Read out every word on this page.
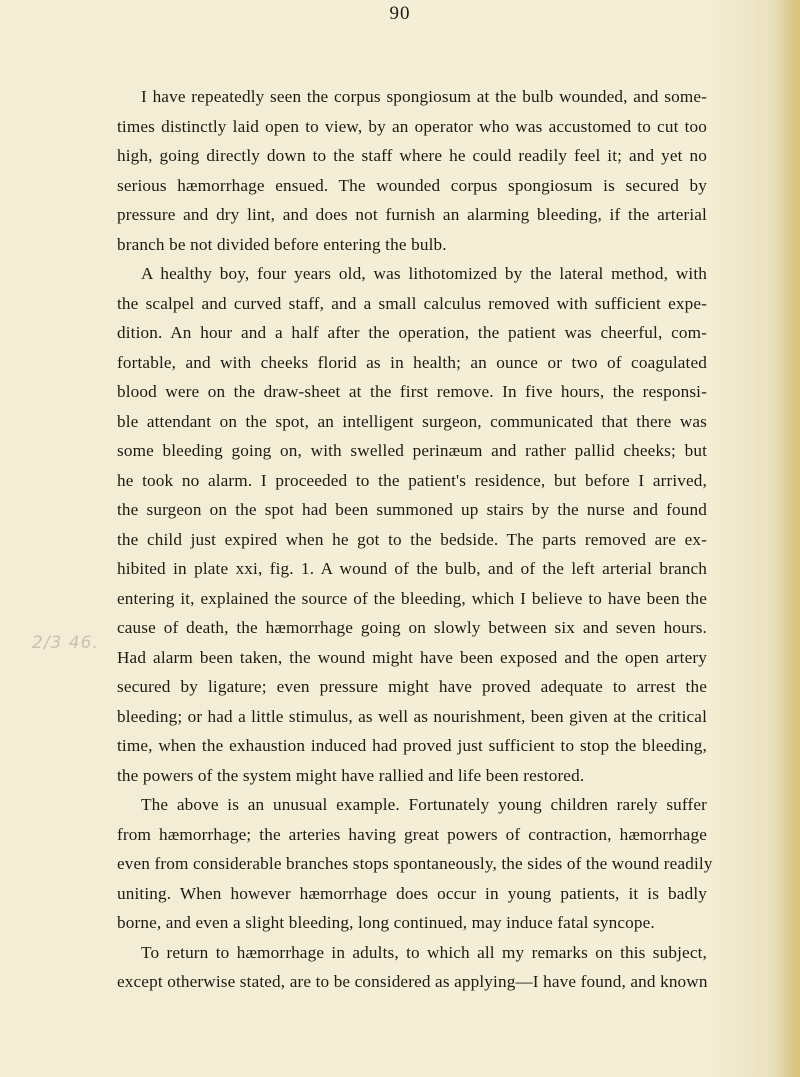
90
2/3 46.
I have repeatedly seen the corpus spongiosum at the bulb wounded, and some-
times distinctly laid open to view, by an operator who was accustomed to cut too
high, going directly down to the staff where he could readily feel it; and yet no
serious hæmorrhage ensued. The wounded corpus spongiosum is secured by
pressure and dry lint, and does not furnish an alarming bleeding, if the arterial
branch be not divided before entering the bulb.
A healthy boy, four years old, was lithotomized by the lateral method, with
the scalpel and curved staff, and a small calculus removed with sufficient expe-
dition. An hour and a half after the operation, the patient was cheerful, com-
fortable, and with cheeks florid as in health; an ounce or two of coagulated
blood were on the draw-sheet at the first remove. In five hours, the responsi-
ble attendant on the spot, an intelligent surgeon, communicated that there was
some bleeding going on, with swelled perinæum and rather pallid cheeks; but
he took no alarm. I proceeded to the patient's residence, but before I arrived,
the surgeon on the spot had been summoned up stairs by the nurse and found
the child just expired when he got to the bedside. The parts removed are ex-
hibited in plate xxi, fig. 1. A wound of the bulb, and of the left arterial branch
entering it, explained the source of the bleeding, which I believe to have been the
cause of death, the hæmorrhage going on slowly between six and seven hours.
Had alarm been taken, the wound might have been exposed and the open artery
secured by ligature; even pressure might have proved adequate to arrest the
bleeding; or had a little stimulus, as well as nourishment, been given at the critical
time, when the exhaustion induced had proved just sufficient to stop the bleeding,
the powers of the system might have rallied and life been restored.
The above is an unusual example. Fortunately young children rarely suffer
from hæmorrhage; the arteries having great powers of contraction, hæmorrhage
even from considerable branches stops spontaneously, the sides of the wound readily
uniting. When however hæmorrhage does occur in young patients, it is badly
borne, and even a slight bleeding, long continued, may induce fatal syncope.
To return to hæmorrhage in adults, to which all my remarks on this subject,
except otherwise stated, are to be considered as applying—I have found, and known
